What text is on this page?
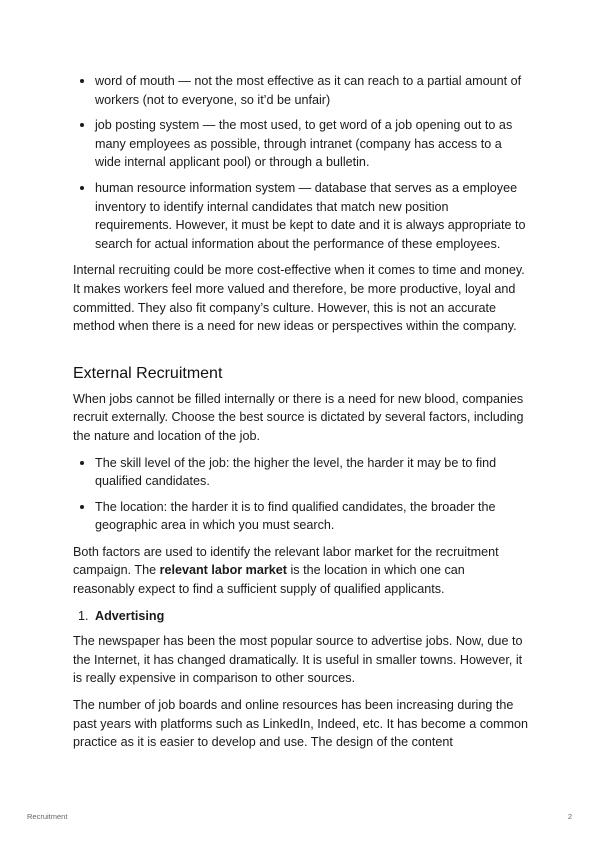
word of mouth — not the most effective as it can reach to a partial amount of workers (not to everyone, so it’d be unfair)
job posting system — the most used, to get word of a job opening out to as many employees as possible, through intranet (company has access to a wide internal applicant pool) or through a bulletin.
human resource information system — database that serves as a employee inventory to identify internal candidates that match new position requirements. However, it must be kept to date and it is always appropriate to search for actual information about the performance of these employees.

Internal recruiting could be more cost-effective when it comes to time and money. It makes workers feel more valued and therefore, be more productive, loyal and committed. They also fit company’s culture. However, this is not an accurate method when there is a need for new ideas or perspectives within the company.

External Recruitment

When jobs cannot be filled internally or there is a need for new blood, companies recruit externally. Choose the best source is dictated by several factors, including the nature and location of the job.

The skill level of the job: the higher the level, the harder it may be to find qualified candidates.
The location: the harder it is to find qualified candidates, the broader the geographic area in which you must search.

Both factors are used to identify the relevant labor market for the recruitment campaign. The relevant labor market is the location in which one can reasonably expect to find a sufficient supply of qualified applicants.

1. Advertising

The newspaper has been the most popular source to advertise jobs. Now, due to the Internet, it has changed dramatically. It is useful in smaller towns. However, it is really expensive in comparison to other sources.

The number of job boards and online resources has been increasing during the past years with platforms such as LinkedIn, Indeed, etc. It has become a common practice as it is easier to develop and use. The design of the content

Recruitment	2
